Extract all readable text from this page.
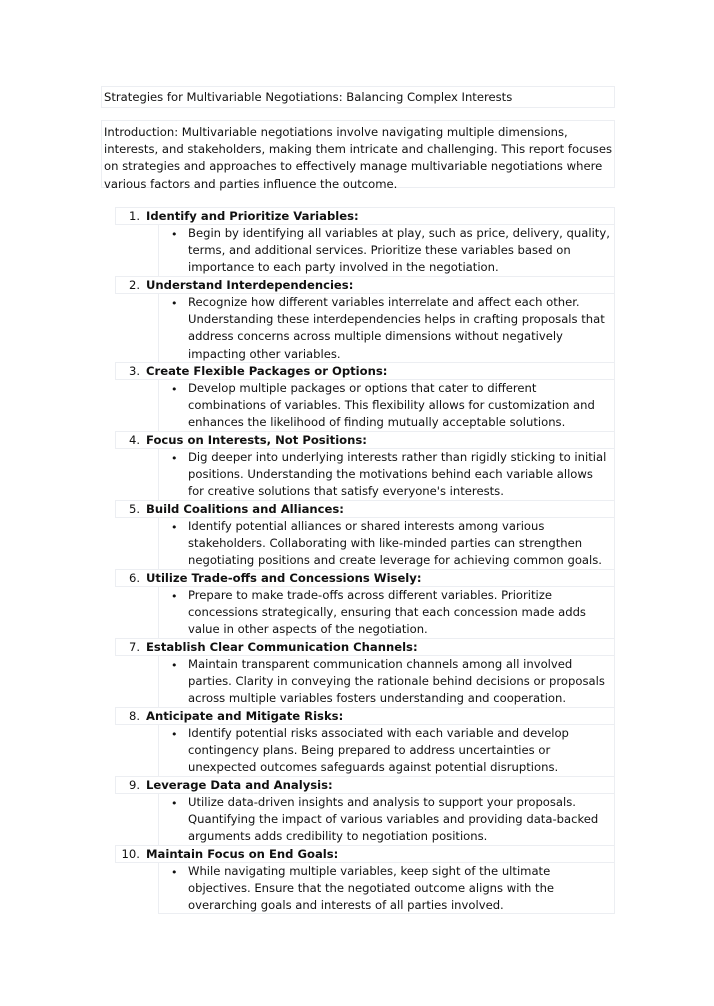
Strategies for Multivariable Negotiations: Balancing Complex Interests
Introduction: Multivariable negotiations involve navigating multiple dimensions, interests, and stakeholders, making them intricate and challenging. This report focuses on strategies and approaches to effectively manage multivariable negotiations where various factors and parties influence the outcome.
1. Identify and Prioritize Variables:
• Begin by identifying all variables at play, such as price, delivery, quality, terms, and additional services. Prioritize these variables based on importance to each party involved in the negotiation.
2. Understand Interdependencies:
• Recognize how different variables interrelate and affect each other. Understanding these interdependencies helps in crafting proposals that address concerns across multiple dimensions without negatively impacting other variables.
3. Create Flexible Packages or Options:
• Develop multiple packages or options that cater to different combinations of variables. This flexibility allows for customization and enhances the likelihood of finding mutually acceptable solutions.
4. Focus on Interests, Not Positions:
• Dig deeper into underlying interests rather than rigidly sticking to initial positions. Understanding the motivations behind each variable allows for creative solutions that satisfy everyone's interests.
5. Build Coalitions and Alliances:
• Identify potential alliances or shared interests among various stakeholders. Collaborating with like-minded parties can strengthen negotiating positions and create leverage for achieving common goals.
6. Utilize Trade-offs and Concessions Wisely:
• Prepare to make trade-offs across different variables. Prioritize concessions strategically, ensuring that each concession made adds value in other aspects of the negotiation.
7. Establish Clear Communication Channels:
• Maintain transparent communication channels among all involved parties. Clarity in conveying the rationale behind decisions or proposals across multiple variables fosters understanding and cooperation.
8. Anticipate and Mitigate Risks:
• Identify potential risks associated with each variable and develop contingency plans. Being prepared to address uncertainties or unexpected outcomes safeguards against potential disruptions.
9. Leverage Data and Analysis:
• Utilize data-driven insights and analysis to support your proposals. Quantifying the impact of various variables and providing data-backed arguments adds credibility to negotiation positions.
10. Maintain Focus on End Goals:
• While navigating multiple variables, keep sight of the ultimate objectives. Ensure that the negotiated outcome aligns with the overarching goals and interests of all parties involved.
